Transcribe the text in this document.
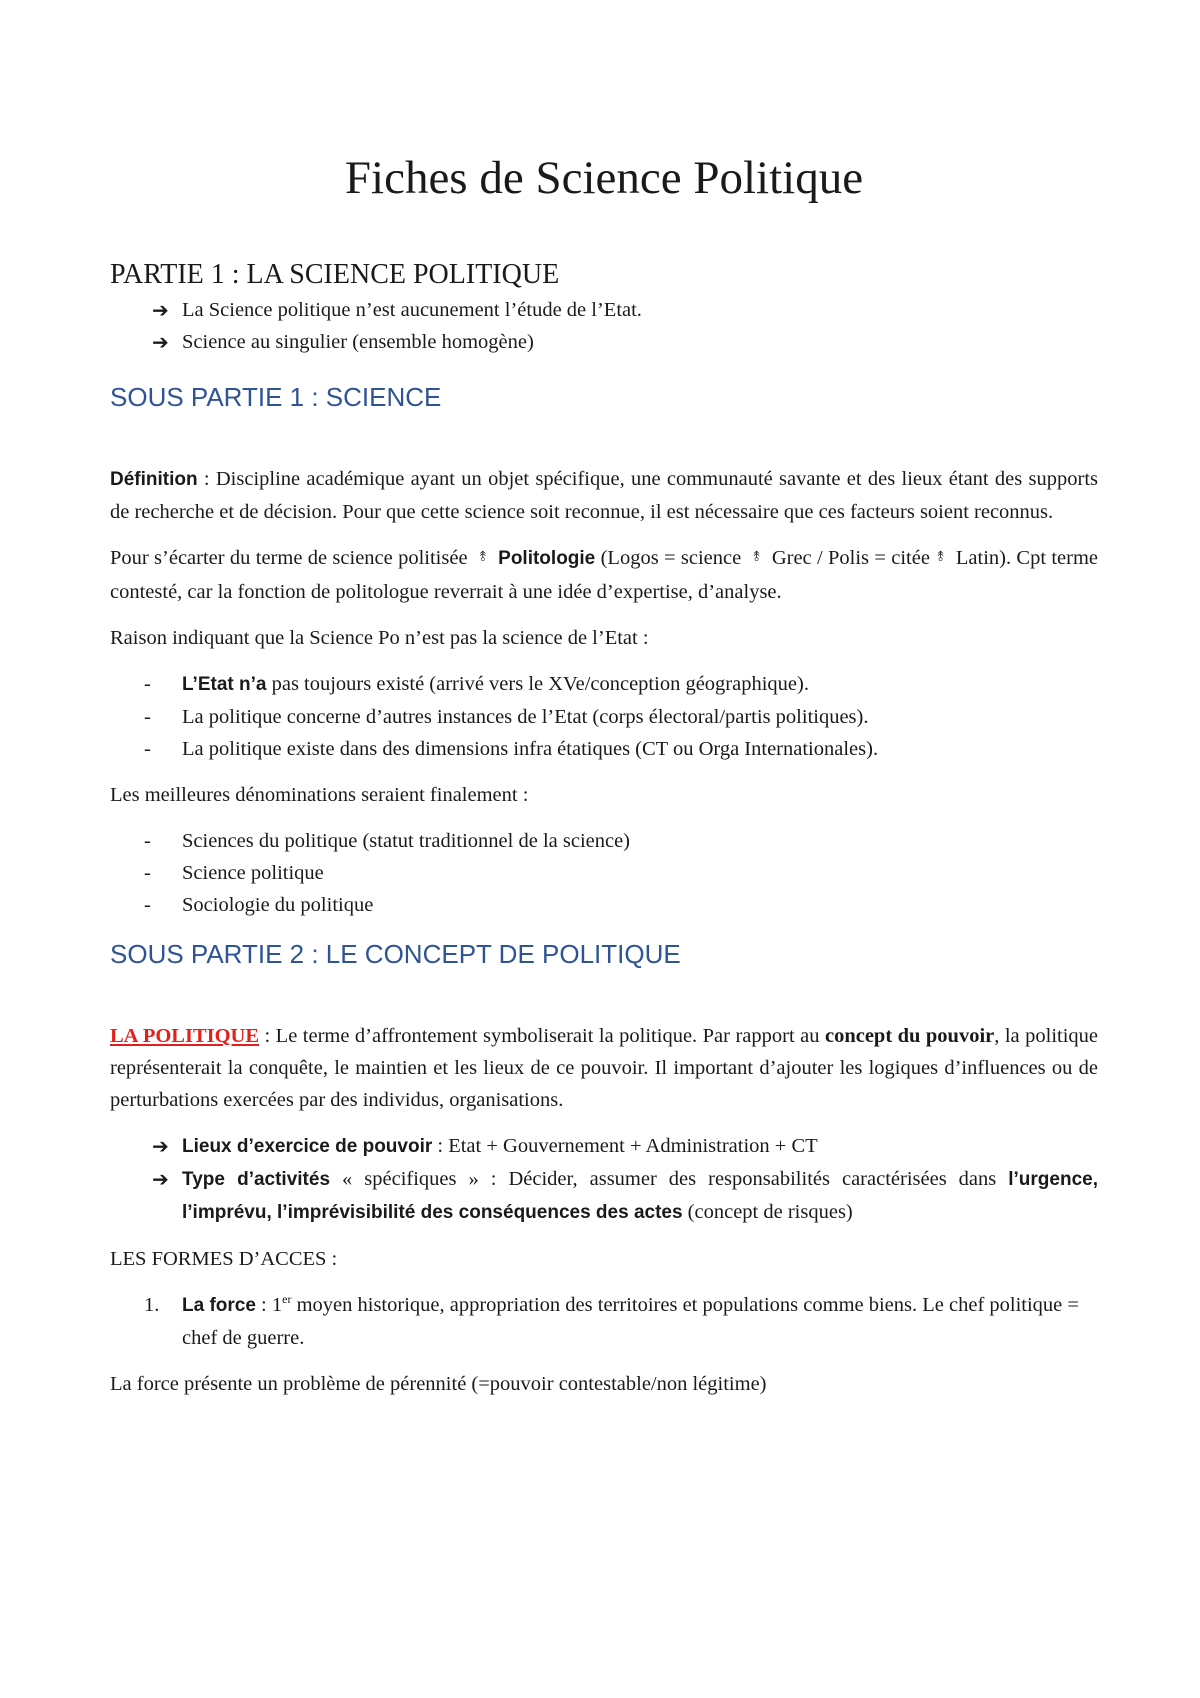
Fiches de Science Politique
PARTIE 1 : LA SCIENCE POLITIQUE
➔ La Science politique n’est aucunement l’étude de l’Etat.
➔ Science au singulier (ensemble homogène)
SOUS PARTIE 1 : SCIENCE

Définition : Discipline académique ayant un objet spécifique, une communauté savante et des lieux étant des supports de recherche et de décision. Pour que cette science soit reconnue, il est nécessaire que ces facteurs soient reconnus.

Pour s’écarter du terme de science politisée ⥉ Politologie (Logos = science ⥉ Grec / Polis = citée ⥉ Latin). Cpt terme contesté, car la fonction de politologue reverrait à une idée d’expertise, d’analyse.

Raison indiquant que la Science Po n’est pas la science de l’Etat :

- L’Etat n’a pas toujours existé (arrivé vers le XVe/conception géographique).
- La politique concerne d’autres instances de l’Etat (corps électoral/partis politiques).
- La politique existe dans des dimensions infra étatiques (CT ou Orga Internationales).

Les meilleures dénominations seraient finalement :

- Sciences du politique (statut traditionnel de la science)
- Science politique
- Sociologie du politique
SOUS PARTIE 2 : LE CONCEPT DE POLITIQUE

LA POLITIQUE : Le terme d’affrontement symboliserait la politique. Par rapport au concept du pouvoir, la politique représenterait la conquête, le maintien et les lieux de ce pouvoir. Il important d’ajouter les logiques d’influences ou de perturbations exercées par des individus, organisations.

➔ Lieux d’exercice de pouvoir : Etat + Gouvernement + Administration + CT
➔ Type d’activités « spécifiques » : Décider, assumer des responsabilités caractérisées dans l’urgence, l’imprévu, l’imprévisibilité des conséquences des actes (concept de risques)

LES FORMES D’ACCES :

1. La force : 1er moyen historique, appropriation des territoires et populations comme biens. Le chef politique = chef de guerre.

La force présente un problème de pérennité (=pouvoir contestable/non légitime)
